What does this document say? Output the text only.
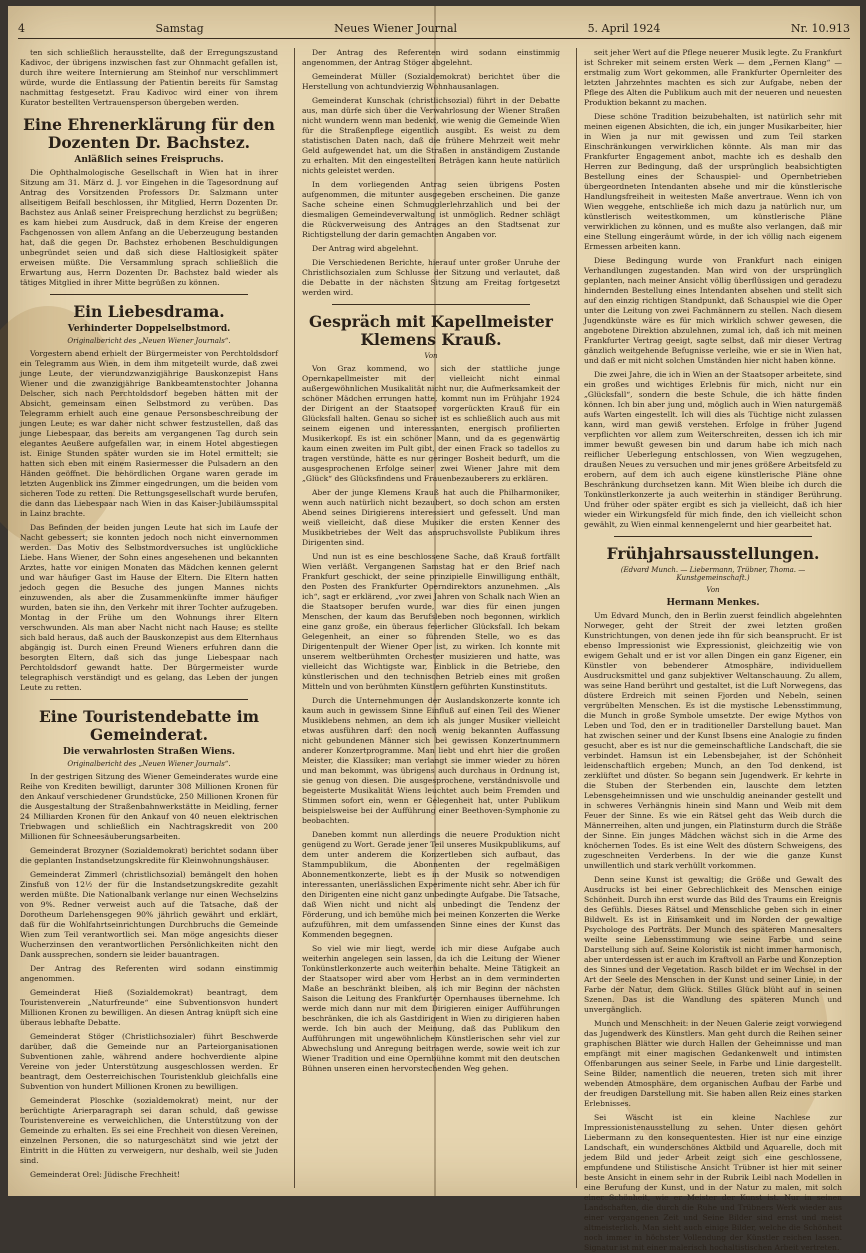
4	Samstag	Neues Wiener Journal	5. April 1924	Nr. 10.913

ten sich schließlich herausstellte, daß der Erregungszustand Kadivoc, der übrigens inzwischen fast zur Ohnmacht gefallen ist, durch ihre weitere Internierung am Steinhof nur verschlimmert würde, wurde die Entlassung der Patientin bereits für Samstag nachmittag festgesetzt. Frau Kadivoc wird einer von ihrem Kurator bestellten Vertrauensperson übergeben werden.

Eine Ehrenerklärung für den Dozenten Dr. Bachstez.
Anläßlich seines Freispruchs.

Die Ophthalmologische Gesellschaft in Wien hat in ihrer Sitzung am 31. März d. J. vor Eingehen in die Tagesordnung auf Antrag des Vorsitzenden Professors Dr. Salzmann unter allseitigem Beifall beschlossen, ihr Mitglied, Herrn Dozenten Dr. Bachstez aus Anlaß seiner Freisprechung herzlichst zu begrüßen; es kam hiebei zum Ausdruck, daß in dem Kreise der engeren Fachgenossen von allem Anfang an die Ueberzeugung bestanden hat, daß die gegen Dr. Bachstez erhobenen Beschuldigungen unbegründet seien und daß sich diese Haltlosigkeit später erweisen müßte. Die Versammlung sprach schließlich die Erwartung aus, Herrn Dozenten Dr. Bachstez bald wieder als tätiges Mitglied in ihrer Mitte begrüßen zu können.

Ein Liebesdrama.
Verhinderter Doppelselbstmord.
Originalbericht des „Neuen Wiener Journals“.

Vorgestern abend erhielt der Bürgermeister von Perchtoldsdorf ein Telegramm aus Wien, in dem ihm mitgeteilt wurde, daß zwei junge Leute, der vierundzwanzigjährige Bauskonzepist Hans Wiener und die zwanzigjährige Bankbeamtenstochter Johanna Delscher, sich nach Perchtoldsdorf begeben hätten mit der Absicht, gemeinsam einen Selbstmord zu verüben. Das Telegramm erhielt auch eine genaue Personsbeschreibung der jungen Leute; es war daher nicht schwer festzustellen, daß das junge Liebespaar, das bereits am vergangenen Tag durch sein elegantes Aeußere aufgefallen war, in einem Hotel abgestiegen ist. Einige Stunden später wurden sie im Hotel ermittelt; sie hatten sich eben mit einem Rasiermesser die Pulsadern an den Händen geöffnet. Die behördlichen Organe waren gerade im letzten Augenblick ins Zimmer eingedrungen, um die beiden vom sicheren Tode zu retten. Die Rettungsgesellschaft wurde berufen, die dann das Liebespaar nach Wien in das Kaiser-Jubiläumsspital in Lainz brachte.

Das Befinden der beiden jungen Leute hat sich im Laufe der Nacht gebessert; sie konnten jedoch noch nicht einvernommen werden. Das Motiv des Selbstmordversuches ist unglückliche Liebe. Hans Wiener, der Sohn eines angesehenen und bekannten Arztes, hatte vor einigen Monaten das Mädchen kennen gelernt und war häufiger Gast im Hause der Eltern. Die Eltern hatten jedoch gegen die Besuche des jungen Mannes nichts einzuwenden, als aber die Zusammenkünfte immer häufiger wurden, baten sie ihn, den Verkehr mit ihrer Tochter aufzugeben. Montag in der Frühe um den Wohnungs ihrer Eltern verschwunden. Als man aber Nacht nicht nach Hause; es stellte sich bald heraus, daß auch der Bauskonzepist aus dem Elternhaus abgängig ist. Durch einen Freund Wieners erfuhren dann die besorgten Eltern, daß sich das junge Liebespaar nach Perchtoldsdorf gewandt hatte. Der Bürgermeister wurde telegraphisch verständigt und es gelang, das Leben der jungen Leute zu retten.

Eine Touristendebatte im Gemeinderat.
Die verwahrlosten Straßen Wiens.
Originalbericht des „Neuen Wiener Journals“.

In der gestrigen Sitzung des Wiener Gemeinderates wurde eine Reihe von Krediten bewilligt, darunter 308 Millionen Kronen für den Ankauf verschiedener Grundstücke, 250 Millionen Kronen für die Ausgestaltung der Straßenbahnwerkstätte in Meidling, ferner 24 Milliarden Kronen für den Ankauf von 40 neuen elektrischen Triebwagen und schließlich ein Nachtragskredit von 200 Millionen für Schneesäuberungsarbeiten.

Gemeinderat Brozyner (Sozialdemokrat) berichtet sodann über die geplanten Instandsetzungskredite für Kleinwohnungshäuser.

Gemeinderat Zimmerl (christlichsozial) bemängelt den hohen Zinsfuß von 12½ der für die Instandsetzungskredite gezahlt werden müßte. Die Nationalbank verlange nur einen Wechselzins von 9%. Redner verweist auch auf die Tatsache, daß der Dorotheum Darlehensgegen 90% jährlich gewährt und erklärt, daß für die Wohlfahrtseinrichtungen Durchbruchs die Gemeinde Wien zum Teil verantwortlich sei. Man möge angesichts dieser Wucherzinsen den verantwortlichen Persönlichkeiten nicht den Dank aussprechen, sondern sie leider bauantragen.

Der Antrag des Referenten wird sodann einstimmig angenommen.

Gemeinderat Hieß (Sozialdemokrat) beantragt, dem Touristenverein „Naturfreunde“ eine Subventionsvon hundert Millionen Kronen zu bewilligen. An diesen Antrag knüpft sich eine überaus lebhafte Debatte.

Gemeinderat Stöger (Christlichsozialer) führt Beschwerde darüber, daß die Gemeinde nur an Parteiorganisationen Subventionen zahle, während andere hochverdiente alpine Vereine von jeder Unterstützung ausgeschlossen werden. Er beantragt, dem Oesterreichischen Touristenklub gleichfalls eine Subvention von hundert Millionen Kronen zu bewilligen.

Gemeinderat Ploschke (sozialdemokrat) meint, nur der berüchtigte Arierparagraph sei daran schuld, daß gewisse Touristenvereine es verweichlichen, die Unterstützung von der Gemeinde zu erhalten. Es sei eine Frechheit von diesen Vereinen, einzelnen Personen, die so naturgeschätzt sind wie jetzt der Eintritt in die Hütten zu verweigern, nur deshalb, weil sie Juden sind.

Gemeinderat Orel: Jüdische Frechheit!

Der Antrag des Referenten wird sodann einstimmig angenommen, der Antrag Stöger abgelehnt.

Gemeinderat Müller (Sozialdemokrat) berichtet über die Herstellung von achtundvierzig Wohnhausanlagen.

Gemeinderat Kunschak (christlichsozial) führt in der Debatte aus, man dürfe sich über die Verwahrlosung der Wiener Straßen nicht wundern wenn man bedenkt, wie wenig die Gemeinde Wien für die Straßenpflege eigentlich ausgibt. Es weist zu dem statistischen Daten nach, daß die frühere Mehrzeit weit mehr Geld aufgewendet hat, um die Straßen in anständigem Zustande zu erhalten. Mit den eingestellten Beträgen kann heute natürlich nichts geleistet werden.

In dem vorliegenden Antrag seien übrigens Posten aufgenommen, die mitunter ausgegeben erscheinen. Die ganze Sache scheine einen Schmugglerlehrzahlich und bei der diesmaligen Gemeindeverwaltung ist unmöglich. Redner schlägt die Rückverweisung des Antrages an den Stadtsenat zur Richtigstellung der darin gemachten Angaben vor.

Der Antrag wird abgelehnt.

Die Verschiedenen Berichte, hierauf unter großer Unruhe der Christlichsozialen zum Schlusse der Sitzung und verlautet, daß die Debatte in der nächsten Sitzung am Freitag fortgesetzt werden wird.

Gespräch mit Kapellmeister Klemens Krauß.
Von

Von Graz kommend, wo sich der stattliche junge Opernkapellmeister mit der vielleicht nicht einmal außergewöhnlichen Musikalität nicht nur, die Aufmerksamkeit der schöner Mädchen errungen hatte, kommt nun im Frühjahr 1924 der Dirigent an der Staatsoper vorgerückten Krauß für ein Glücksfall halten. Genau so sicher ist es schließlich auch aus mit seinem eigenen und interessanten, energisch profilierten Musikerkopf. Es ist ein schöner Mann, und da es gegenwärtig kaum einen zweiten im Pult gibt, der einen Frack so tadellos zu tragen verstünde, hätte es nur geringer Bosheit bedurft, um die ausgesprochenen Erfolge seiner zwei Wiener Jahre mit dem „Glück“ des Glücksfindens und Frauenbezauberers zu erklären.

Aber der junge Klemens Krauß hat auch die Philharmoniker, wenn auch natürlich nicht bezaubert, so doch schon am ersten Abend seines Dirigierens interessiert und gefesselt. Und man weiß vielleicht, daß diese Musiker die ersten Kenner des Musikbetriebes der Welt das anspruchsvollste Publikum ihres Dirigenten sind.

Und nun ist es eine beschlossene Sache, daß Krauß fortfällt Wien verläßt. Vergangenen Samstag hat er den Brief nach Frankfurt geschickt, der seine prinzipielle Einwilligung enthält, den Posten des Frankfurter Operndirektors anzunehmen. „Als ich“, sagt er erklärend, „vor zwei Jahren von Schalk nach Wien an die Staatsoper berufen wurde, war dies für einen jungen Menschen, der kaum das Berufsleben noch begonnen, wirklich eine ganz große, ein überaus feierlicher Glücksfall. Ich bekam Gelegenheit, an einer so führenden Stelle, wo es das Dirigentenpult der Wiener Oper ist, zu wirken. Ich konnte mit unserem weltberühmten Orchester musizieren und hatte, was vielleicht das Wichtigste war, Einblick in die Betriebe, den künstlerischen und den technischen Betrieb eines mit großen Mitteln und von berühmten Künstlern geführten Kunstinstituts.

Durch die Unternehmungen der Auslandskonzerte konnte ich kaum auch in gewissem Sinne Einfluß auf einen Teil des Wiener Musiklebens nehmen, an dem ich als junger Musiker vielleicht etwas ausführen darf: den noch wenig bekannten Auffassung nicht gebundenen Männer sich bei gewissen Konzertnummern anderer Konzertprogramme. Man liebt und ehrt hier die großen Meister, die Klassiker; man verlangt sie immer wieder zu hören und man bekommt, was übrigens auch durchaus in Ordnung ist, sie genug von diesen. Die ausgesprochene, verständnisvolle und begeisterte Musikalität Wiens leuchtet auch beim Fremden und Stimmen sofort ein, wenn er Gelegenheit hat, unter Publikum beispielsweise bei der Aufführung einer Beethoven-Symphonie zu beobachten.

Daneben kommt nun allerdings die neuere Produktion nicht genügend zu Wort. Gerade jener Teil unseres Musikpublikums, auf dem unter anderem die Konzertleben sich aufbaut, das Stammpublikum, die Abonnenten der regelmäßigen Abonnementkonzerte, liebt es in der Musik so notwendigen interessanten, unerlässlichen Experimente nicht sehr. Aber ich für den Dirigenten eine nicht ganz unbedingte Aufgabe. Die Tatsache, daß Wien nicht und nicht als unbedingt die Tendenz der Förderung, und ich bemühe mich bei meinen Konzerten die Werke aufzuführen, mit dem umfassenden Sinne eines der Kunst das Kommenden begegnen.

So viel wie mir liegt, werde ich mir diese Aufgabe auch weiterhin angelegen sein lassen, da ich die Leitung der Wiener Tonkünstlerkonzerte auch weiterhin behalte. Meine Tätigkeit an der Staatsoper wird aber vom Herbst an in dem verminderten Maße an beschränkt bleiben, als ich mir Beginn der nächsten Saison die Leitung des Frankfurter Opernhauses übernehme. Ich werde mich dann nur mit dem Dirigieren einiger Aufführungen beschränken, die ich als Gastdirigent in Wien zu dirigieren haben werde. Ich bin auch der Meinung, daß das Publikum den Aufführungen mit ungewöhnlichem Künstlerischen sehr viel zur Abwechslung und Anregung beitragen werde, sowie weit ich zur Wiener Tradition und eine Opernbühne kommt mit den deutschen Bühnen unseren einen hervorstechenden Weg gehen.

seit jeher Wert auf die Pflege neuerer Musik legte. Zu Frankfurt ist Schreker mit seinem ersten Werk — dem „Fernen Klang“ — erstmalig zum Wort gekommen, alle Frankfurter Opernleiter des letzten Jahrzehntes machten es sich zur Aufgabe, neben der Pflege des Alten die Publikum auch mit der neueren und neuesten Produktion bekannt zu machen.

Diese schöne Tradition beizubehalten, ist natürlich sehr mit meinen eigenen Absichten, die ich, ein junger Musikarbeiter, hier in Wien ja nur mit gewissen und zum Teil starken Einschränkungen verwirklichen könnte. Als man mir das Frankfurter Engagement anbot, machte ich es deshalb den Herren zur Bedingung, daß der ursprünglich beabsichtigten Bestellung eines der Schauspiel- und Opernbetrieben übergeordneten Intendanten absehe und mir die künstlerische Handlungsfreiheit in weitesten Maße anvertraue. Wenn ich von Wien weggehe, entschließe ich mich dazu ja natürlich nur, um künstlerisch weitestkommen, um künstlerische Pläne verwirklichen zu können, und es mußte also verlangen, daß mir eine Stellung eingeräumt würde, in der ich völlig nach eigenem Ermessen arbeiten kann.

Diese Bedingung wurde von Frankfurt nach einigen Verhandlungen zugestanden. Man wird von der ursprünglich geplanten, nach meiner Ansicht völlig überflüssigen und geradezu hindernden Bestellung eines Intendanten absehen und stellt sich auf den einzig richtigen Standpunkt, daß Schauspiel wie die Oper unter die Leitung von zwei Fachmännern zu stellen. Nach diesem Jugendkünste wäre es für mich wirklich schwer gewesen, die angebotene Direktion abzulehnen, zumal ich, daß ich mit meinen Frankfurter Vertrag geeigt, sagte selbst, daß mir dieser Vertrag gänzlich weitgehende Befugnisse verleihe, wie er sie in Wien hat, und daß er mit nicht solchen Umständen hier nicht haben könne.

Die zwei Jahre, die ich in Wien an der Staatsoper arbeitete, sind ein großes und wichtiges Erlebnis für mich, nicht nur ein „Glücksfall“, sondern die beste Schule, die ich hätte finden können. Ich bin aber jung und, möglich auch in Wien naturgemäß aufs Warten eingestellt. Ich will dies als Tüchtige nicht zulassen kann, wird man gewiß verstehen. Erfolge in früher Jugend verpflichten vor allem zum Weiterschreiten, dessen ich ich mir immer bewußt gewesen bin und darum habe ich mich nach reiflicher Ueberlegung entschlossen, von Wien wegzugehen, draußen Neues zu versuchen und mir jenes größere Arbeitsfeld zu erobern, auf dem ich auch eigene künstlerische Pläne ohne Beschränkung durchsetzen kann. Mit Wien bleibe ich durch die Tonkünstlerkonzerte ja auch weiterhin in ständiger Berührung. Und früher oder später ergibt es sich ja vielleicht, daß ich hier wieder ein Wirkungsfeld für mich finde, den ich vielleicht schon gewählt, zu Wien einmal kennengelernt und hier gearbeitet hat.

Frühjahrsausstellungen.
(Edvard Munch. — Liebermann, Trübner, Thoma. — Kunstgemeinschaft.)
Von
Hermann Menkes.

Um Edvard Munch, den in Berlin zuerst feindlich abgelehnten Norweger, geht der Streit der zwei letzten großen Kunstrichtungen, von denen jede ihn für sich beansprucht. Er ist ebenso Impressionist wie Expressionist, gleichzeitig wie von ewigem Gehalt und er ist vor allen Dingen ein ganz Eigener, ein Künstler von bebenderer Atmosphäre, individuellem Ausdrucksmittel und ganz subjektiver Weltanschauung. Zu allem, was seine Hand berührt und gestaltet, ist die Luft Norwegens, das düstere Erdreich mit seinen Fjorden und Nebeln, seinen vergrübelten Menschen. Es ist die mystische Lebensstimmung, die Munch in große Symbole umsetzte. Der ewige Mythos von Leben und Tod, den er in traditioneller Darstellung bauet. Man hat zwischen seiner und der Kunst Ibsens eine Analogie zu finden gesucht, aber es ist nur die gemeinschaftliche Landschaft, die sie verbindet. Hamsun ist ein Lebensbejaher, ist der Schönheit leidenschaftlich ergeben; Munch, an den Tod denkend, ist zerklüftet und düster. So begann sein Jugendwerk. Er kehrte in die Stuben der Sterbenden ein, lauschte dem letzten Lebensgeheimnissen und wie unschuldig aneinander gestellt und in schweres Verhängnis hinein sind Mann und Weib mit dem Feuer der Sinne. Es wie ein Rätsel geht das Weib durch die Männerreihen, alten und jungen, ein Platinsturm durch die Sträße der Sinne. Ein junges Mädchen wächst sich in die Arme des knöchernen Todes. Es ist eine Welt des düstern Schweigens, des zugeschneiten Verderbens. In der wie die ganze Kunst unwillentlich und stark verhüllt vorkommen.

Denn seine Kunst ist gewaltig; die Größe und Gewalt des Ausdrucks ist bei einer Gebrechlichkeit des Menschen einige Schönheit. Durch ihn erst wurde das Bild des Traums ein Ereignis des Gefühls. Dieses Rätsel und Menschliche geben sich in einer Bildwelt. Es ist in Einsamkeit und im Norden der gewaltige Psychologe des Porträts. Der Munch des späteren Mannesalters weilte seine Lebensstimmung wie seine Farbe und seine Darstellung sich auf. Seine Koloristik ist nicht immer harmonisch, aber unterdessen ist er auch im Kraftvoll an Farbe und Konzeption des Sinnes und der Vegetation. Rasch bildet er im Wechsel in der Art der Seele des Menschen in der Kunst und seiner Linie, in der Farbe der Natur, dem Glück. Stilles Glück blüht auf in seinen Szenen. Das ist die Wandlung des späteren Munch und unvergänglich.

Munch und Menschheit: in der Neuen Galerie zeigt vorwiegend das Jugendwerk des Künstlers. Man geht durch die Reihen seiner graphischen Blätter wie durch Hallen der Geheimnisse und man empfängt mit einer magischen Gedankenwelt und intimsten Offenbarungen aus seiner Seele, in Farbe und Linie dargestellt. Seine Bilder, namentlich die neueren, treten sich mit ihrer webenden Atmosphäre, dem organischen Aufbau der Farbe und der freudigen Darstellung mit. Sie haben allen Reiz eines starken Erlebnisses.

Sei Wäscht ist ein kleine Nachlese zur Impressionistenausstellung zu sehen. Unter diesen gehört Liebermann zu den konsequentesten. Hier ist nur eine einzige Landschaft, ein wunderschönes Aktbild und Aquarelle, doch mit jedem Bild und jeder Arbeit zeigt sich eine geschlossene, empfundene und Stilistische Ansicht Trübner ist hier mit seiner beste Ansicht in einem sehr in der Rubrik Leibl nach Modellen in eine Berufung der Kunst, und in der Natur zu malen, mit solch einer Schönheit, wie er Meister der Kunst ist. Nur in seinen Landschaften, die durch die Ruhe und Trübners Werk wieder aus einer vergangenen Zeit und Seine Bilder sind ernst und meist altmeisterlich. Man sieht auch einige Bilder, welche die Schönheit noch immer in höchster Vollendung der Künstler reichen lassen. Signatur ist mit einer malerisch hochaltistischen Arbeit vertreten.
